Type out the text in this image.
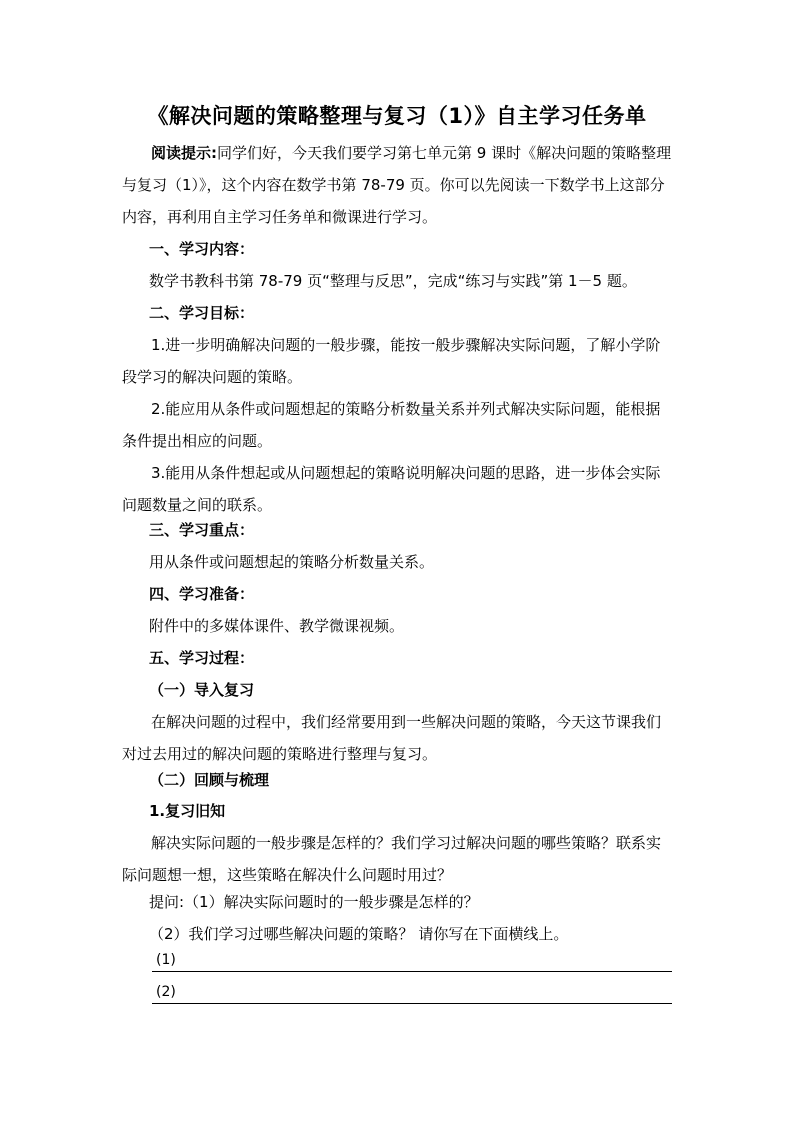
《解决问题的策略整理与复习（1）》自主学习任务单
阅读提示:同学们好，今天我们要学习第七单元第 9 课时《解决问题的策略整理与复习（1）》，这个内容在数学书第 78-79 页。你可以先阅读一下数学书上这部分内容，再利用自主学习任务单和微课进行学习。
一、学习内容：
数学书教科书第 78-79 页“整理与反思”，完成“练习与实践”第 1－5 题。
二、学习目标：
1.进一步明确解决问题的一般步骤，能按一般步骤解决实际问题，了解小学阶段学习的解决问题的策略。
2.能应用从条件或问题想起的策略分析数量关系并列式解决实际问题，能根据条件提出相应的问题。
3.能用从条件想起或从问题想起的策略说明解决问题的思路，进一步体会实际问题数量之间的联系。
三、学习重点：
用从条件或问题想起的策略分析数量关系。
四、学习准备：
附件中的多媒体课件、教学微课视频。
五、学习过程：
（一）导入复习
在解决问题的过程中，我们经常要用到一些解决问题的策略，今天这节课我们对过去用过的解决问题的策略进行整理与复习。
（二）回顾与梳理
1.复习旧知
解决实际问题的一般步骤是怎样的？我们学习过解决问题的哪些策略？联系实际问题想一想，这些策略在解决什么问题时用过？
提问:（1）解决实际问题时的一般步骤是怎样的？
（2）我们学习过哪些解决问题的策略？ 请你写在下面横线上。
(1)
(2)
